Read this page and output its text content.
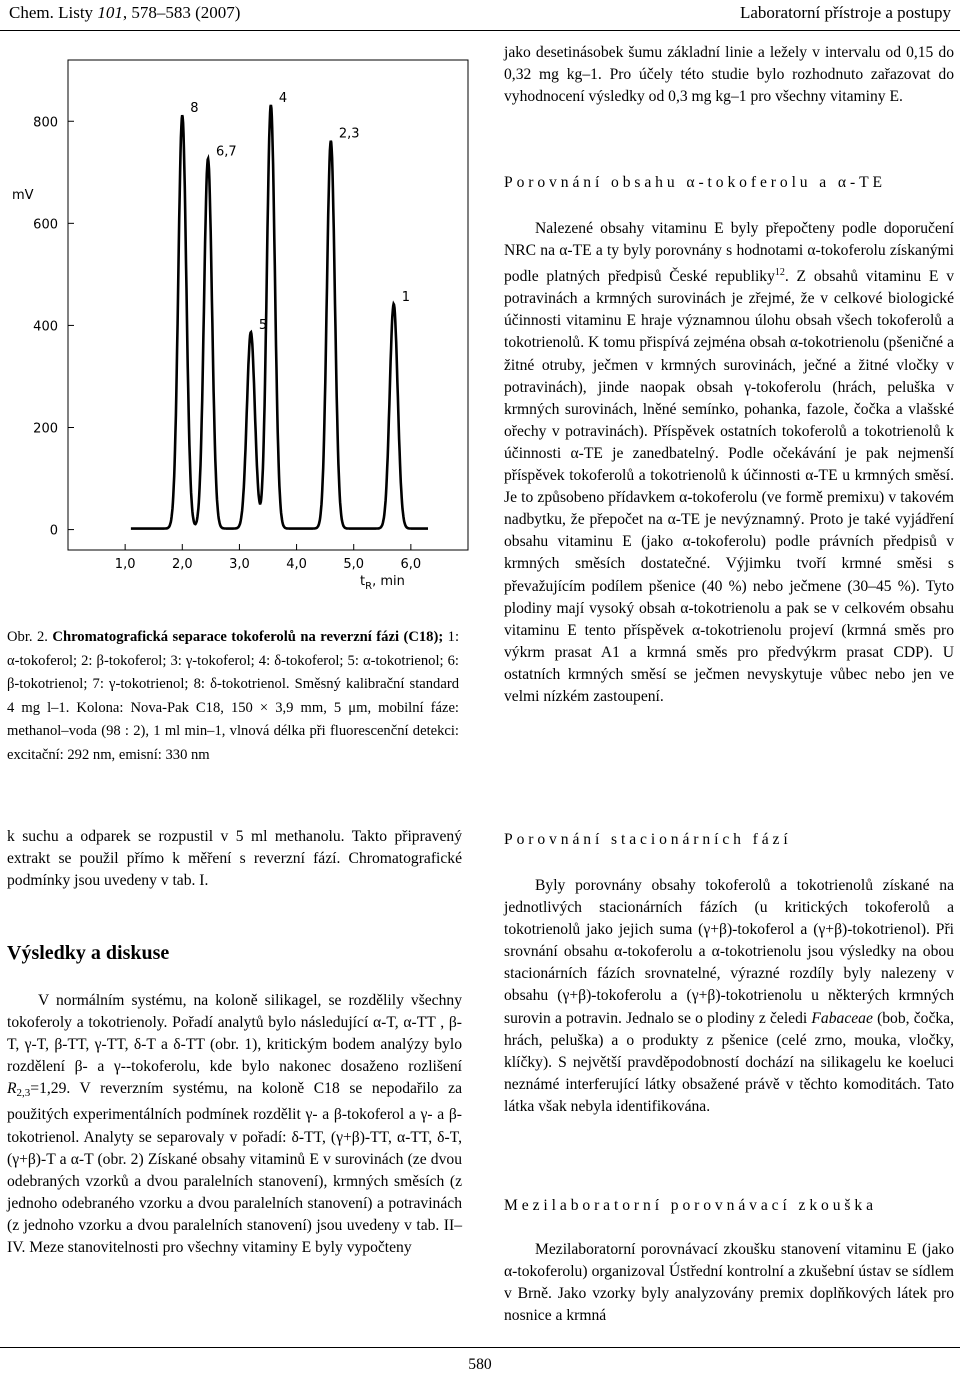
Chem. Listy 101, 578–583 (2007)	Laboratorní přístroje a postupy
0
200
400
600
800
1,0	2,0	3,0	4,0	5,0	6,0
8
6,7
5
4
2,3
1
mV
$t_R$, min
Obr. 2. Chromatografická separace tokoferolů na reverzní fázi (C18); 1: α-tokoferol; 2: β-tokoferol; 3: γ-tokoferol; 4: δ-tokoferol; 5: α-tokotrienol; 6: β-tokotrienol; 7: γ-tokotrienol; 8: δ-tokotrienol. Směsný kalibrační standard 4 mg l–1. Kolona: Nova-Pak C18, 150 × 3,9 mm, 5 μm, mobilní fáze: methanol–voda (98 : 2), 1 ml min–1, vlnová délka při fluorescenční detekci: excitační: 292 nm, emisní: 330 nm

k suchu a odparek se rozpustil v 5 ml methanolu. Takto připravený extrakt se použil přímo k měření s reverzní fází. Chromatografické podmínky jsou uvedeny v tab. I.

Výsledky a diskuse

V normálním systému, na koloně silikagel, se rozdělily všechny tokoferoly a tokotrienoly. Pořadí analytů bylo následující α-T, α-TT , β-T, γ-T, β-TT, γ-TT, δ-T a δ-TT (obr. 1), kritickým bodem analýzy bylo rozdělení β- a γ--tokoferolu, kde bylo nakonec dosaženo rozlišení $R_{2,3}=1,29$. V reverzním systému, na koloně C18 se nepodařilo za použitých experimentálních podmínek rozdělit γ- a β-tokoferol a γ- a β-tokotrienol. Analyty se separovaly v pořadí: δ-TT, (γ+β)-TT, α-TT, δ-T, (γ+β)-T a α-T (obr. 2) Získané obsahy vitaminů E v surovinách (ze dvou odebraných vzorků a dvou paralelních stanovení), krmných směsích (z jednoho odebraného vzorku a dvou paralelních stanovení) a potravinách (z jednoho vzorku a dvou paralelních stanovení) jsou uvedeny v tab. II–IV. Meze stanovitelnosti pro všechny vitaminy E byly vypočteny

jako desetinásobek šumu základní linie a ležely v intervalu od 0,15 do 0,32 mg kg–1. Pro účely této studie bylo rozhodnuto zařazovat do vyhodnocení výsledky od 0,3 mg kg–1 pro všechny vitaminy E.

Porovnání obsahu α-tokoferolu a α-TE

Nalezené obsahy vitaminu E byly přepočteny podle doporučení NRC na α-TE a ty byly porovnány s hodnotami α-tokoferolu získanými podle platných předpisů České republiky$^{12}$. Z obsahů vitaminu E v potravinách a krmných surovinách je zřejmé, že v celkové biologické účinnosti vitaminu E hraje významnou úlohu obsah všech tokoferolů a tokotrienolů. K tomu přispívá zejména obsah α-tokotrienolu (pšeničné a žitné otruby, ječmen v krmných surovinách, ječné a žitné vločky v potravinách), jinde naopak obsah γ-tokoferolu (hrách, peluška v krmných surovinách, lněné semínko, pohanka, fazole, čočka a vlašské ořechy v potravinách). Příspěvek ostatních tokoferolů a tokotrienolů k účinnosti α-TE je zanedbatelný. Podle očekávání je pak nejmenší příspěvek tokoferolů a tokotrienolů k účinnosti α-TE u krmných směsí. Je to způsobeno přídavkem α-tokoferolu (ve formě premixu) v takovém nadbytku, že přepočet na α-TE je nevýznamný. Proto je také vyjádření obsahu vitaminu E (jako α-tokoferolu) podle právních předpisů v krmných směsích dostatečné. Výjimku tvoří krmné směsi s převažujícím podílem pšenice (40 %) nebo ječmene (30–45 %). Tyto plodiny mají vysoký obsah α-tokotrienolu a pak se v celkovém obsahu vitaminu E tento příspěvek α-tokotrienolu projeví (krmná směs pro výkrm prasat A1 a krmná směs pro předvýkrm prasat CDP). U ostatních krmných směsí se ječmen nevyskytuje vůbec nebo jen ve velmi nízkém zastoupení.

Porovnání stacionárních fází

Byly porovnány obsahy tokoferolů a tokotrienolů získané na jednotlivých stacionárních fázích (u kritických tokoferolů a tokotrienolů jako jejich suma (γ+β)-tokoferol a (γ+β)-tokotrienol). Při srovnání obsahu α-tokoferolu a α-tokotrienolu jsou výsledky na obou stacionárních fázích srovnatelné, výrazné rozdíly byly nalezeny v obsahu (γ+β)-tokoferolu a (γ+β)-tokotrienolu u některých krmných surovin a potravin. Jednalo se o plodiny z čeledi Fabaceae (bob, čočka, hrách, peluška) a o produkty z pšenice (celé zrno, mouka, vločky, klíčky). S největší pravděpodobností dochází na silikagelu ke koeluci neznámé interferující látky obsažené právě v těchto komoditách. Tato látka však nebyla identifikována.

Mezilaboratorní porovnávací zkouška

Mezilaboratorní porovnávací zkoušku stanovení vitaminu E (jako α-tokoferolu) organizoval Ústřední kontrolní a zkušební ústav se sídlem v Brně. Jako vzorky byly analyzovány premix doplňkových látek pro nosnice a krmná

580
